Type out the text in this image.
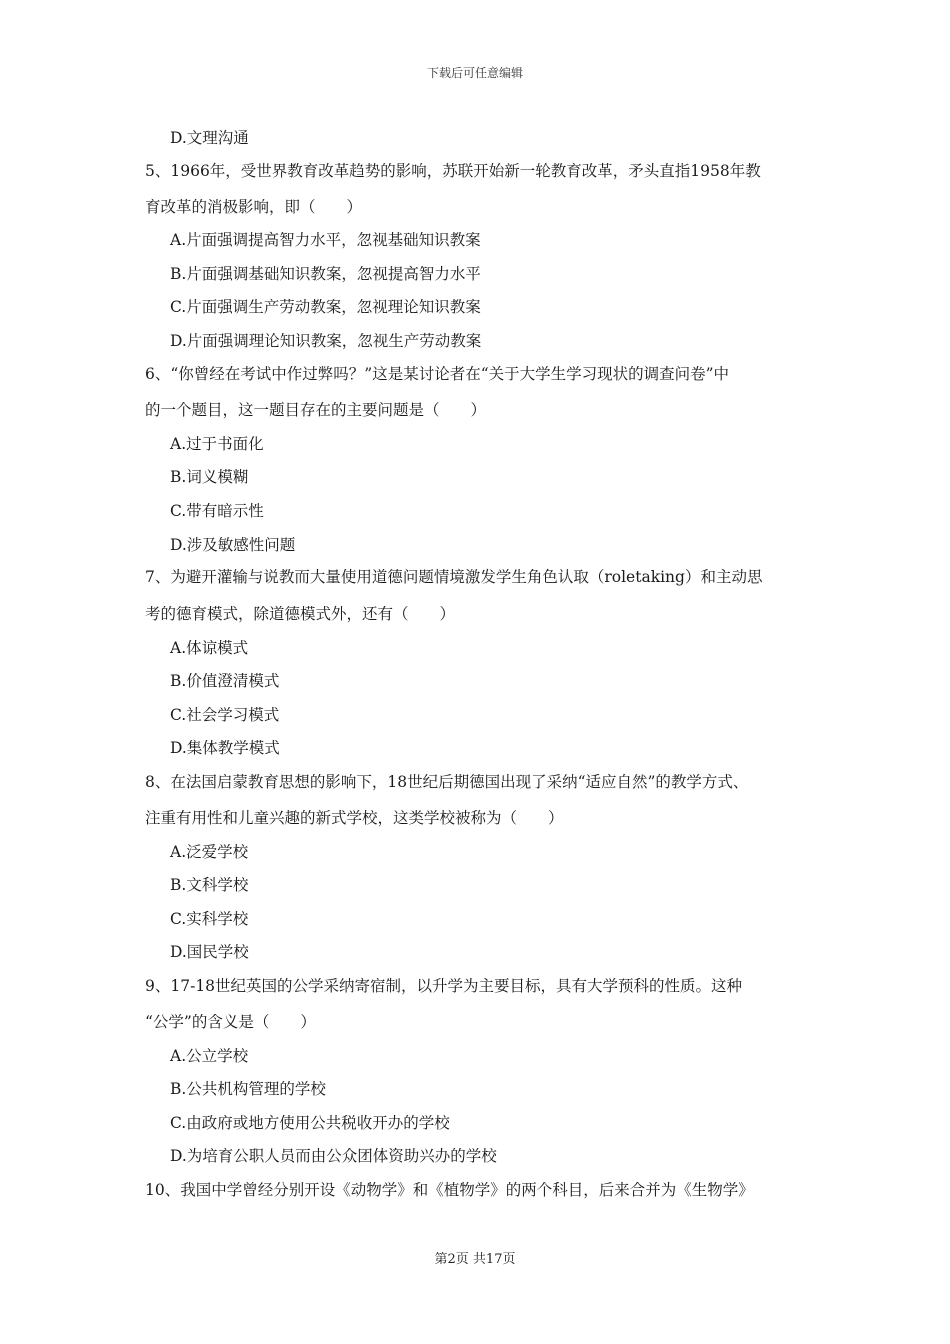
下载后可任意编辑
D.文理沟通
5、1966年，受世界教育改革趋势的影响，苏联开始新一轮教育改革，矛头直指1958年教
育改革的消极影响，即（　　）
A.片面强调提高智力水平，忽视基础知识教案
B.片面强调基础知识教案，忽视提高智力水平
C.片面强调生产劳动教案，忽视理论知识教案
D.片面强调理论知识教案，忽视生产劳动教案
6、“你曾经在考试中作过弊吗？”这是某讨论者在“关于大学生学习现状的调查问卷”中
的一个题目，这一题目存在的主要问题是（　　）
A.过于书面化
B.词义模糊
C.带有暗示性
D.涉及敏感性问题
7、为避开灌输与说教而大量使用道德问题情境激发学生角色认取（roletaking）和主动思
考的德育模式，除道德模式外，还有（　　）
A.体谅模式
B.价值澄清模式
C.社会学习模式
D.集体教学模式
8、在法国启蒙教育思想的影响下，18世纪后期德国出现了采纳“适应自然”的教学方式、
注重有用性和儿童兴趣的新式学校，这类学校被称为（　　）
A.泛爱学校
B.文科学校
C.实科学校
D.国民学校
9、17-18世纪英国的公学采纳寄宿制，以升学为主要目标，具有大学预科的性质。这种
“公学”的含义是（　　）
A.公立学校
B.公共机构管理的学校
C.由政府或地方使用公共税收开办的学校
D.为培育公职人员而由公众团体资助兴办的学校
10、我国中学曾经分别开设《动物学》和《植物学》的两个科目，后来合并为《生物学》
第2页 共17页
